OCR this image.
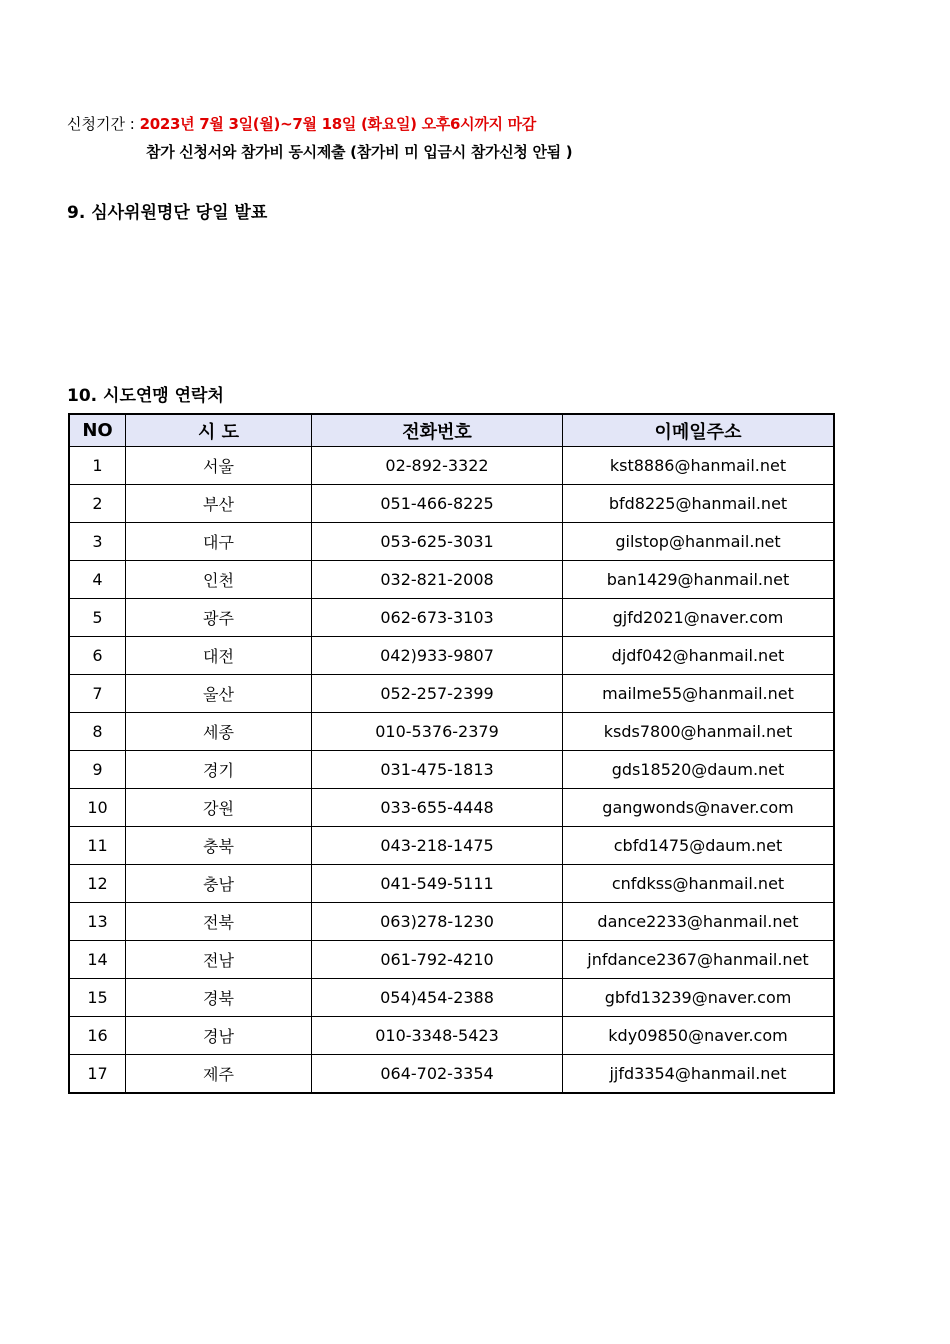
신청기간 : 2023년 7월 3일(월)~7월 18일 (화요일) 오후6시까지 마감
참가 신청서와 참가비 동시제출 (참가비 미 입금시 참가신청 안됨 )
9. 심사위원명단 당일 발표
10. 시도연맹 연락처
NO	시 도	전화번호	이메일주소
1	서울	02-892-3322	kst8886@hanmail.net
2	부산	051-466-8225	bfd8225@hanmail.net
3	대구	053-625-3031	gilstop@hanmail.net
4	인천	032-821-2008	ban1429@hanmail.net
5	광주	062-673-3103	gjfd2021@naver.com
6	대전	042)933-9807	djdf042@hanmail.net
7	울산	052-257-2399	mailme55@hanmail.net
8	세종	010-5376-2379	ksds7800@hanmail.net
9	경기	031-475-1813	gds18520@daum.net
10	강원	033-655-4448	gangwonds@naver.com
11	충북	043-218-1475	cbfd1475@daum.net
12	충남	041-549-5111	cnfdkss@hanmail.net
13	전북	063)278-1230	dance2233@hanmail.net
14	전남	061-792-4210	jnfdance2367@hanmail.net
15	경북	054)454-2388	gbfd13239@naver.com
16	경남	010-3348-5423	kdy09850@naver.com
17	제주	064-702-3354	jjfd3354@hanmail.net
